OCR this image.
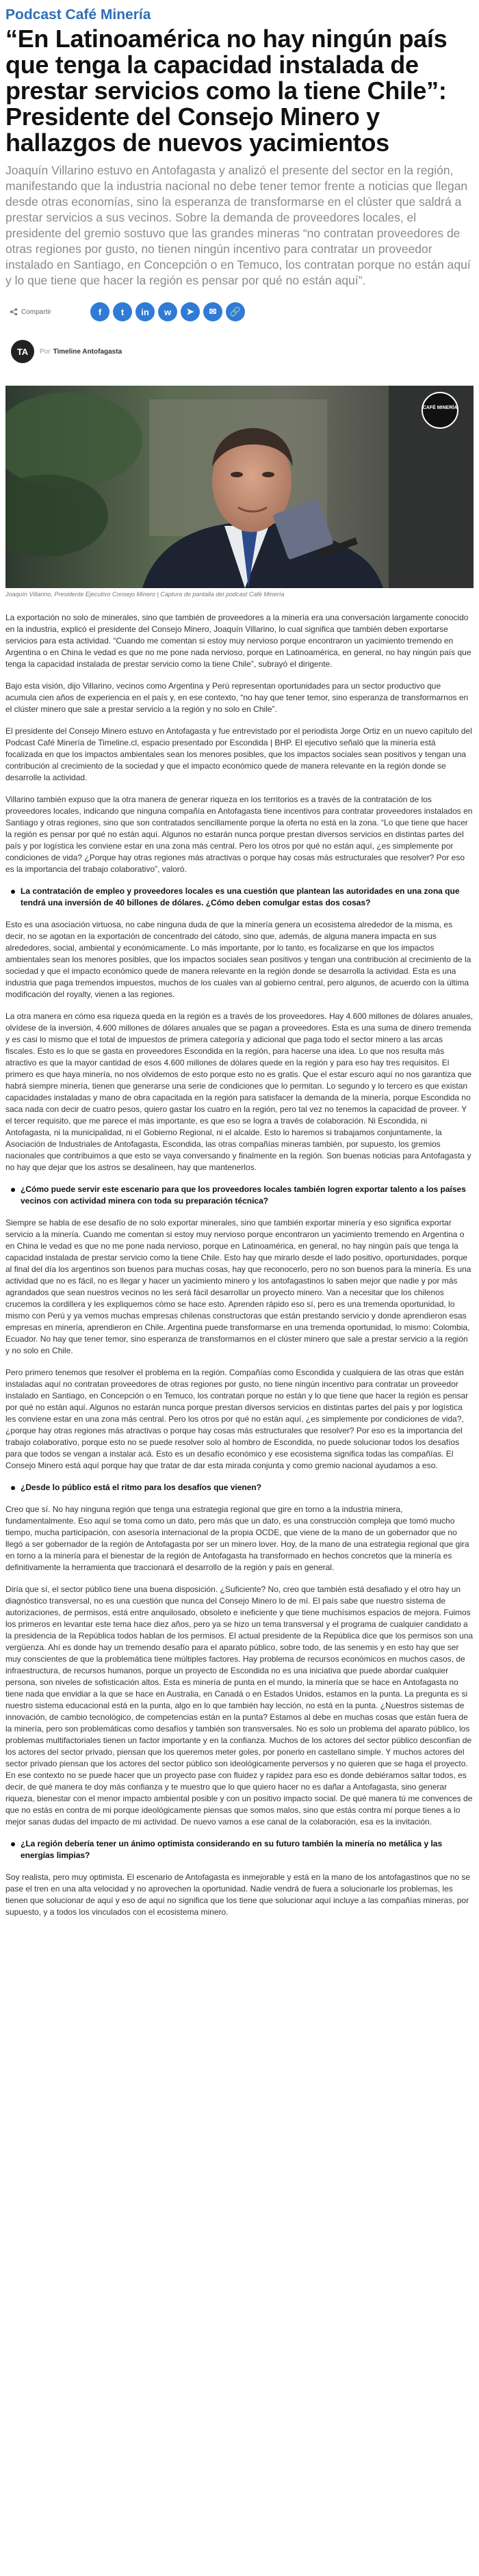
Podcast Café Minería
“En Latinoamérica no hay ningún país que tenga la capacidad instalada de prestar servicios como la tiene Chile”: Presidente del Consejo Minero y hallazgos de nuevos yacimientos
Joaquín Villarino estuvo en Antofagasta y analizó el presente del sector en la región, manifestando que la industria nacional no debe tener temor frente a noticias que llegan desde otras economías, sino la esperanza de transformarse en el clúster que saldrá a prestar servicios a sus vecinos. Sobre la demanda de proveedores locales, el presidente del gremio sostuvo que las grandes mineras “no contratan proveedores de otras regiones por gusto, no tienen ningún incentivo para contratar un proveedor instalado en Santiago, en Concepción o en Temuco, los contratan porque no están aquí y lo que tiene que hacer la región es pensar por qué no están aquí”.
Compartir	f t in w ➤ ✉ 🔗
TA	Por Timeline Antofagasta
CAFÉ MINERÍA
Joaquín Villarino, Presidente Ejecutivo Consejo Minero | Captura de pantalla del podcast Café Minería

La exportación no solo de minerales, sino que también de proveedores a la minería era una conversación largamente conocido en la industria, explicó el presidente del Consejo Minero, Joaquín Villarino, lo cual significa que también deben exportarse servicios para esta actividad. “Cuando me comentan si estoy muy nervioso porque encontraron un yacimiento tremendo en Argentina o en China le vedad es que no me pone nada nervioso, porque en Latinoamérica, en general, no hay ningún país que tenga la capacidad instalada de prestar servicio como la tiene Chile”, subrayó el dirigente.

Bajo esta visión, dijo Villarino, vecinos como Argentina y Perú representan oportunidades para un sector productivo que acumula cien años de experiencia en el país y, en ese contexto, “no hay que tener temor, sino esperanza de transformarnos en el clúster minero que sale a prestar servicio a la región y no solo en Chile”.

El presidente del Consejo Minero estuvo en Antofagasta y fue entrevistado por el periodista Jorge Ortiz en un nuevo capítulo del Podcast Café Minería de Timeline.cl, espacio presentado por Escondida | BHP. El ejecutivo señaló que la minería está focalizada en que los impactos ambientales sean los menores posibles, que los impactos sociales sean positivos y tengan una contribución al crecimiento de la sociedad y que el impacto económico quede de manera relevante en la región donde se desarrolle la actividad.

Villarino también expuso que la otra manera de generar riqueza en los territorios es a través de la contratación de los proveedores locales, indicando que ninguna compañía en Antofagasta tiene incentivos para contratar proveedores instalados en Santiago y otras regiones, sino que son contratados sencillamente porque la oferta no está en la zona. “Lo que tiene que hacer la región es pensar por qué no están aquí. Algunos no estarán nunca porque prestan diversos servicios en distintas partes del país y por logística les conviene estar en una zona más central. Pero los otros por qué no están aquí, ¿es simplemente por condiciones de vida? ¿Porque hay otras regiones más atractivas o porque hay cosas más estructurales que resolver? Por eso es la importancia del trabajo colaborativo”, valoró.

La contratación de empleo y proveedores locales es una cuestión que plantean las autoridades en una zona que tendrá una inversión de 40 billones de dólares. ¿Cómo deben comulgar estas dos cosas?

Esto es una asociación virtuosa, no cabe ninguna duda de que la minería genera un ecosistema alrededor de la misma, es decir, no se agotan en la exportación de concentrado del cátodo, sino que, además, de alguna manera impacta en sus alrededores, social, ambiental y económicamente. Lo más importante, por lo tanto, es focalizarse en que los impactos ambientales sean los menores posibles, que los impactos sociales sean positivos y tengan una contribución al crecimiento de la sociedad y que el impacto económico quede de manera relevante en la región donde se desarrolla la actividad. Esta es una industria que paga tremendos impuestos, muchos de los cuales van al gobierno central, pero algunos, de acuerdo con la última modificación del royalty, vienen a las regiones.

La otra manera en cómo esa riqueza queda en la región es a través de los proveedores. Hay 4.600 millones de dólares anuales, olvídese de la inversión, 4.600 millones de dólares anuales que se pagan a proveedores. Esta es una suma de dinero tremenda y es casi lo mismo que el total de impuestos de primera categoría y adicional que paga todo el sector minero a las arcas fiscales. Esto es lo que se gasta en proveedores Escondida en la región, para hacerse una idea. Lo que nos resulta más atractivo es que la mayor cantidad de esos 4.600 millones de dólares quede en la región y para eso hay tres requisitos. El primero es que haya minería, no nos olvidemos de esto porque esto no es gratis. Que el estar escuro aquí no nos garantiza que habrá siempre minería, tienen que generarse una serie de condiciones que lo permitan. Lo segundo y lo tercero es que existan capacidades instaladas y mano de obra capacitada en la región para satisfacer la demanda de la minería, porque Escondida no saca nada con decir de cuatro pesos, quiero gastar los cuatro en la región, pero tal vez no tenemos la capacidad de proveer. Y el tercer requisito, que me parece el más importante, es que eso se logra a través de colaboración. Ni Escondida, ni Antofagasta, ni la municipalidad, ni el Gobierno Regional, ni el alcalde. Esto lo haremos si trabajamos conjuntamente, la Asociación de Industriales de Antofagasta, Escondida, las otras compañías mineras también, por supuesto, los gremios nacionales que contribuimos a que esto se vaya conversando y finalmente en la región. Son buenas noticias para Antofagasta y no hay que dejar que los astros se desalineen, hay que mantenerlos.

¿Cómo puede servir este escenario para que los proveedores locales también logren exportar talento a los países vecinos con actividad minera con toda su preparación técnica?

Siempre se habla de ese desafío de no solo exportar minerales, sino que también exportar minería y eso significa exportar servicio a la minería. Cuando me comentan si estoy muy nervioso porque encontraron un yacimiento tremendo en Argentina o en China le vedad es que no me pone nada nervioso, porque en Latinoamérica, en general, no hay ningún país que tenga la capacidad instalada de prestar servicio como la tiene Chile. Esto hay que mirarlo desde el lado positivo, oportunidades, porque al final del día los argentinos son buenos para muchas cosas, hay que reconocerlo, pero no son buenos para la minería. Es una actividad que no es fácil, no es llegar y hacer un yacimiento minero y los antofagastinos lo saben mejor que nadie y por más agrandados que sean nuestros vecinos no les será fácil desarrollar un proyecto minero. Van a necesitar que los chilenos crucemos la cordillera y les expliquemos cómo se hace esto. Aprenden rápido eso sí, pero es una tremenda oportunidad, lo mismo con Perú y ya vemos muchas empresas chilenas constructoras que están prestando servicio y donde aprendieron esas empresas en minería, aprendieron en Chile. Argentina puede transformarse en una tremenda oportunidad, lo mismo: Colombia, Ecuador. No hay que tener temor, sino esperanza de transformarnos en el clúster minero que sale a prestar servicio a la región y no solo en Chile.

Pero primero tenemos que resolver el problema en la región. Compañías como Escondida y cualquiera de las otras que están instaladas aquí no contratan proveedores de otras regiones por gusto, no tiene ningún incentivo para contratar un proveedor instalado en Santiago, en Concepción o en Temuco, los contratan porque no están y lo que tiene que hacer la región es pensar por qué no están aquí. Algunos no estarán nunca porque prestan diversos servicios en distintas partes del país y por logística les conviene estar en una zona más central. Pero los otros por qué no están aquí, ¿es simplemente por condiciones de vida?, ¿porque hay otras regiones más atractivas o porque hay cosas más estructurales que resolver? Por eso es la importancia del trabajo colaborativo, porque esto no se puede resolver solo al hombro de Escondida, no puede solucionar todos los desafíos para que todos se vengan a instalar acá. Esto es un desafío económico y ese ecosistema significa todas las compañías. El Consejo Minero está aquí porque hay que tratar de dar esta mirada conjunta y como gremio nacional ayudamos a eso.

¿Desde lo público está el ritmo para los desafíos que vienen?

Creo que sí. No hay ninguna región que tenga una estrategia regional que gire en torno a la industria minera, fundamentalmente. Eso aquí se toma como un dato, pero más que un dato, es una construcción compleja que tomó mucho tiempo, mucha participación, con asesoría internacional de la propia OCDE, que viene de la mano de un gobernador que no llegó a ser gobernador de la región de Antofagasta por ser un minero lover. Hoy, de la mano de una estrategia regional que gira en torno a la minería para el bienestar de la región de Antofagasta ha transformado en hechos concretos que la minería es definitivamente la herramienta que traccionará el desarrollo de la región y país en general.

Diría que sí, el sector público tiene una buena disposición. ¿Suficiente? No, creo que también está desafiado y el otro hay un diagnóstico transversal, no es una cuestión que nunca del Consejo Minero lo de mí. El país sabe que nuestro sistema de autorizaciones, de permisos, está entre anquilosado, obsoleto e ineficiente y que tiene muchísimos espacios de mejora. Fuimos los primeros en levantar este tema hace diez años, pero ya se hizo un tema transversal y el programa de cualquier candidato a la presidencia de la República todos hablan de los permisos. El actual presidente de la República dice que los permisos son una vergüenza. Ahí es donde hay un tremendo desafío para el aparato público, sobre todo, de las senemis y en esto hay que ser muy conscientes de que la problemática tiene múltiples factores. Hay problema de recursos económicos en muchos casos, de infraestructura, de recursos humanos, porque un proyecto de Escondida no es una iniciativa que puede abordar cualquier persona, son niveles de sofisticación altos. Esta es minería de punta en el mundo, la minería que se hace en Antofagasta no tiene nada que envidiar a la que se hace en Australia, en Canadá o en Estados Unidos, estamos en la punta. La pregunta es si nuestro sistema educacional está en la punta, algo en lo que también hay lección, no está en la punta. ¿Nuestros sistemas de innovación, de cambio tecnológico, de competencias están en la punta? Estamos al debe en muchas cosas que están fuera de la minería, pero son problemáticas como desafíos y también son transversales. No es solo un problema del aparato público, los problemas multifactoriales tienen un factor importante y en la confianza. Muchos de los actores del sector público desconfían de los actores del sector privado, piensan que los queremos meter goles, por ponerlo en castellano simple. Y muchos actores del sector privado piensan que los actores del sector público son ideológicamente perversos y no quieren que se haga el proyecto. En ese contexto no se puede hacer que un proyecto pase con fluidez y rapidez para eso es donde debiéramos saltar todos, es decir, de qué manera te doy más confianza y te muestro que lo que quiero hacer no es dañar a Antofagasta, sino generar riqueza, bienestar con el menor impacto ambiental posible y con un positivo impacto social. De qué manera tú me convences de que no estás en contra de mi porque ideológicamente piensas que somos malos, sino que estás contra mí porque tienes a lo mejor sanas dudas del impacto de mi actividad. De nuevo vamos a ese canal de la colaboración, esa es la invitación.

¿La región debería tener un ánimo optimista considerando en su futuro también la minería no metálica y las energías limpias?

Soy realista, pero muy optimista. El escenario de Antofagasta es inmejorable y está en la mano de los antofagastinos que no se pase el tren en una alta velocidad y no aprovechen la oportunidad. Nadie vendrá de fuera a solucionarle los problemas, les tienen que solucionar de aquí y eso de aquí no significa que los tiene que solucionar aquí incluye a las compañías mineras, por supuesto, y a todos los vinculados con el ecosistema minero.
